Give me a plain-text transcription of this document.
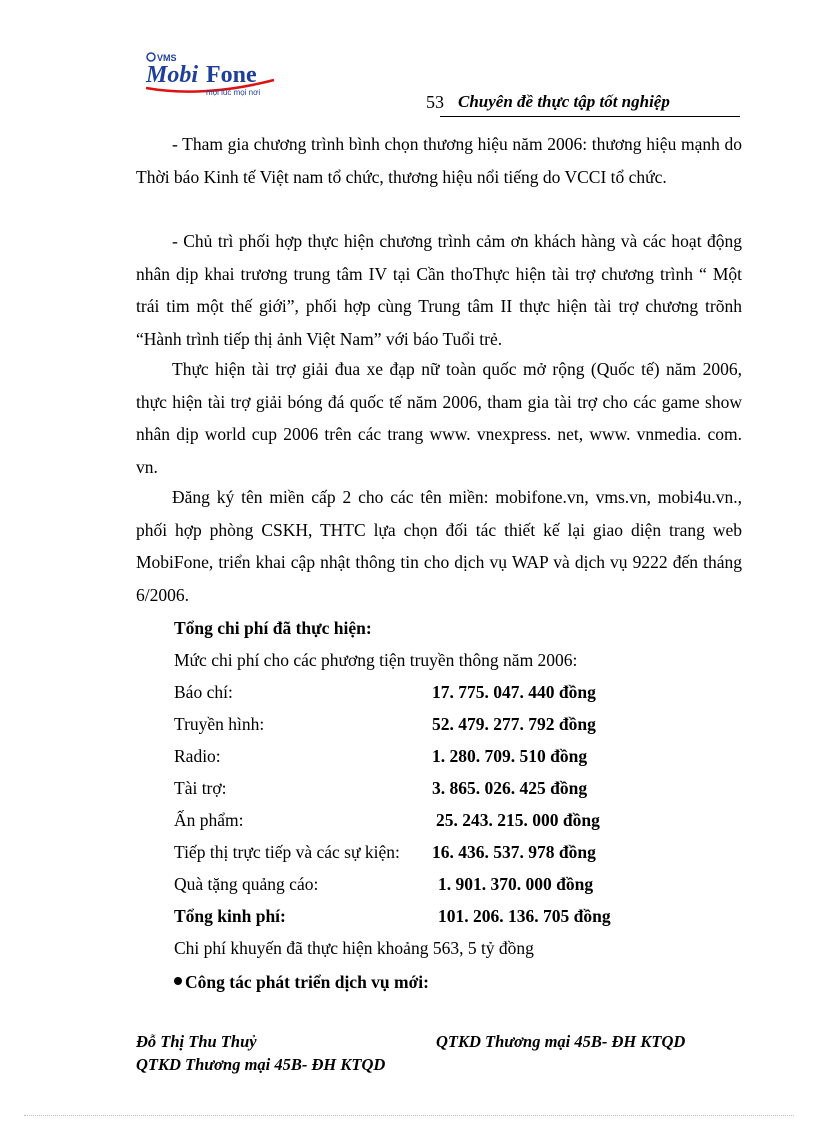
VMS
Mobi Fone
mọi lúc mọi nơi	53 Chuyên đề thực tập tốt nghiệp
- Tham gia chương trình bình chọn thương hiệu năm 2006: thương hiệu mạnh do Thời báo Kinh tế Việt nam tổ chức, thương hiệu nổi tiếng do VCCI tổ chức.
- Chủ trì phối hợp thực hiện chương trình cảm ơn khách hàng và các hoạt động nhân dịp khai trương trung tâm IV tại Cần thoThực hiện tài trợ chương trình “ Một trái tim một thế giới”, phối hợp cùng Trung tâm II thực hiện tài trợ chương trõnh “Hành trình tiếp thị ảnh Việt Nam” với báo Tuổi trẻ.
Thực hiện tài trợ giải đua xe đạp nữ toàn quốc mở rộng (Quốc tế) năm 2006, thực hiện tài trợ giải bóng đá quốc tế năm 2006, tham gia tài trợ cho các game show nhân dịp world cup 2006 trên các trang www. vnexpress. net, www. vnmedia. com. vn.
Đăng ký tên miền cấp 2 cho các tên miền: mobifone.vn, vms.vn, mobi4u.vn., phối hợp phòng CSKH, THTC lựa chọn đối tác thiết kế lại giao diện trang web MobiFone, triển khai cập nhật thông tin cho dịch vụ WAP và dịch vụ 9222 đến tháng 6/2006.
Tổng chi phí đã thực hiện:
Mức chi phí cho các phương tiện truyền thông năm 2006:
Báo chí:	17. 775. 047. 440 đồng
Truyền hình:	52. 479. 277. 792 đồng
Radio:	1. 280. 709. 510 đồng
Tài trợ:	3. 865. 026. 425 đồng
Ấn phẩm:	25. 243. 215. 000 đồng
Tiếp thị trực tiếp và các sự kiện: 16. 436. 537. 978 đồng
Quà tặng quảng cáo:	1. 901. 370. 000 đồng
Tổng kinh phí:	101. 206. 136. 705 đồng
Chi phí khuyến đã thực hiện khoảng 563, 5 tỷ đồng
Công tác phát triển dịch vụ mới:
Đỗ Thị Thu Thuỷ	QTKD Thương mại 45B- ĐH KTQD
QTKD Thương mại 45B- ĐH KTQD
